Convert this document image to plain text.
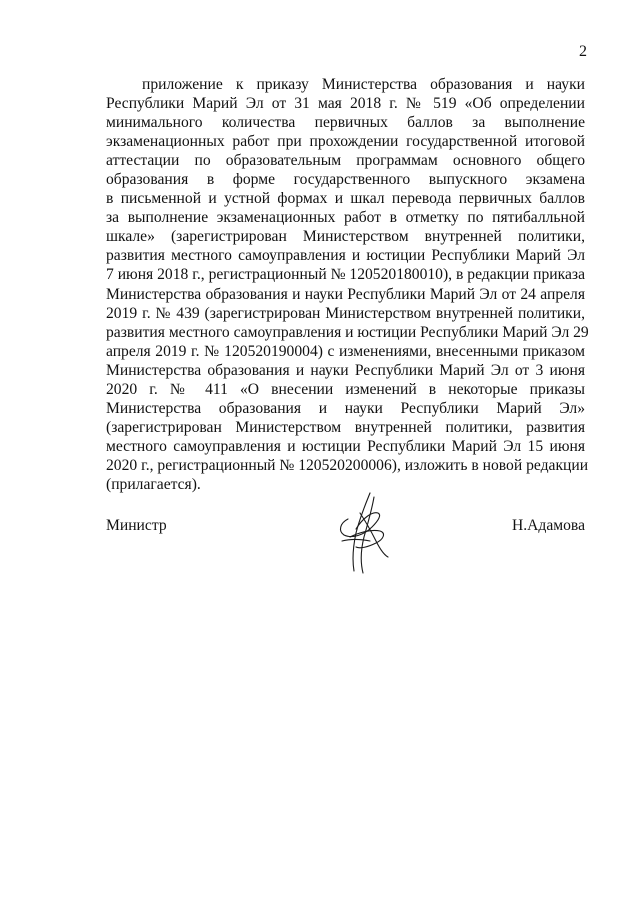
2
приложение к приказу Министерства образования и науки
Республики Марий Эл от 31 мая 2018 г. № 519 «Об определении
минимального количества первичных баллов за выполнение
экзаменационных работ при прохождении государственной итоговой
аттестации по образовательным программам основного общего
образования в форме государственного выпускного экзамена
в письменной и устной формах и шкал перевода первичных баллов
за выполнение экзаменационных работ в отметку по пятибалльной
шкале» (зарегистрирован Министерством внутренней политики,
развития местного самоуправления и юстиции Республики Марий Эл
7 июня 2018 г., регистрационный № 120520180010), в редакции приказа
Министерства образования и науки Республики Марий Эл от 24 апреля
2019 г. № 439 (зарегистрирован Министерством внутренней политики,
развития местного самоуправления и юстиции Республики Марий Эл 29
апреля 2019 г. № 120520190004) с изменениями, внесенными приказом
Министерства образования и науки Республики Марий Эл от 3 июня
2020 г. № 411 «О внесении изменений в некоторые приказы
Министерства образования и науки Республики Марий Эл»
(зарегистрирован Министерством внутренней политики, развития
местного самоуправления и юстиции Республики Марий Эл 15 июня
2020 г., регистрационный № 120520200006), изложить в новой редакции
(прилагается).
Министр	Н.Адамова
